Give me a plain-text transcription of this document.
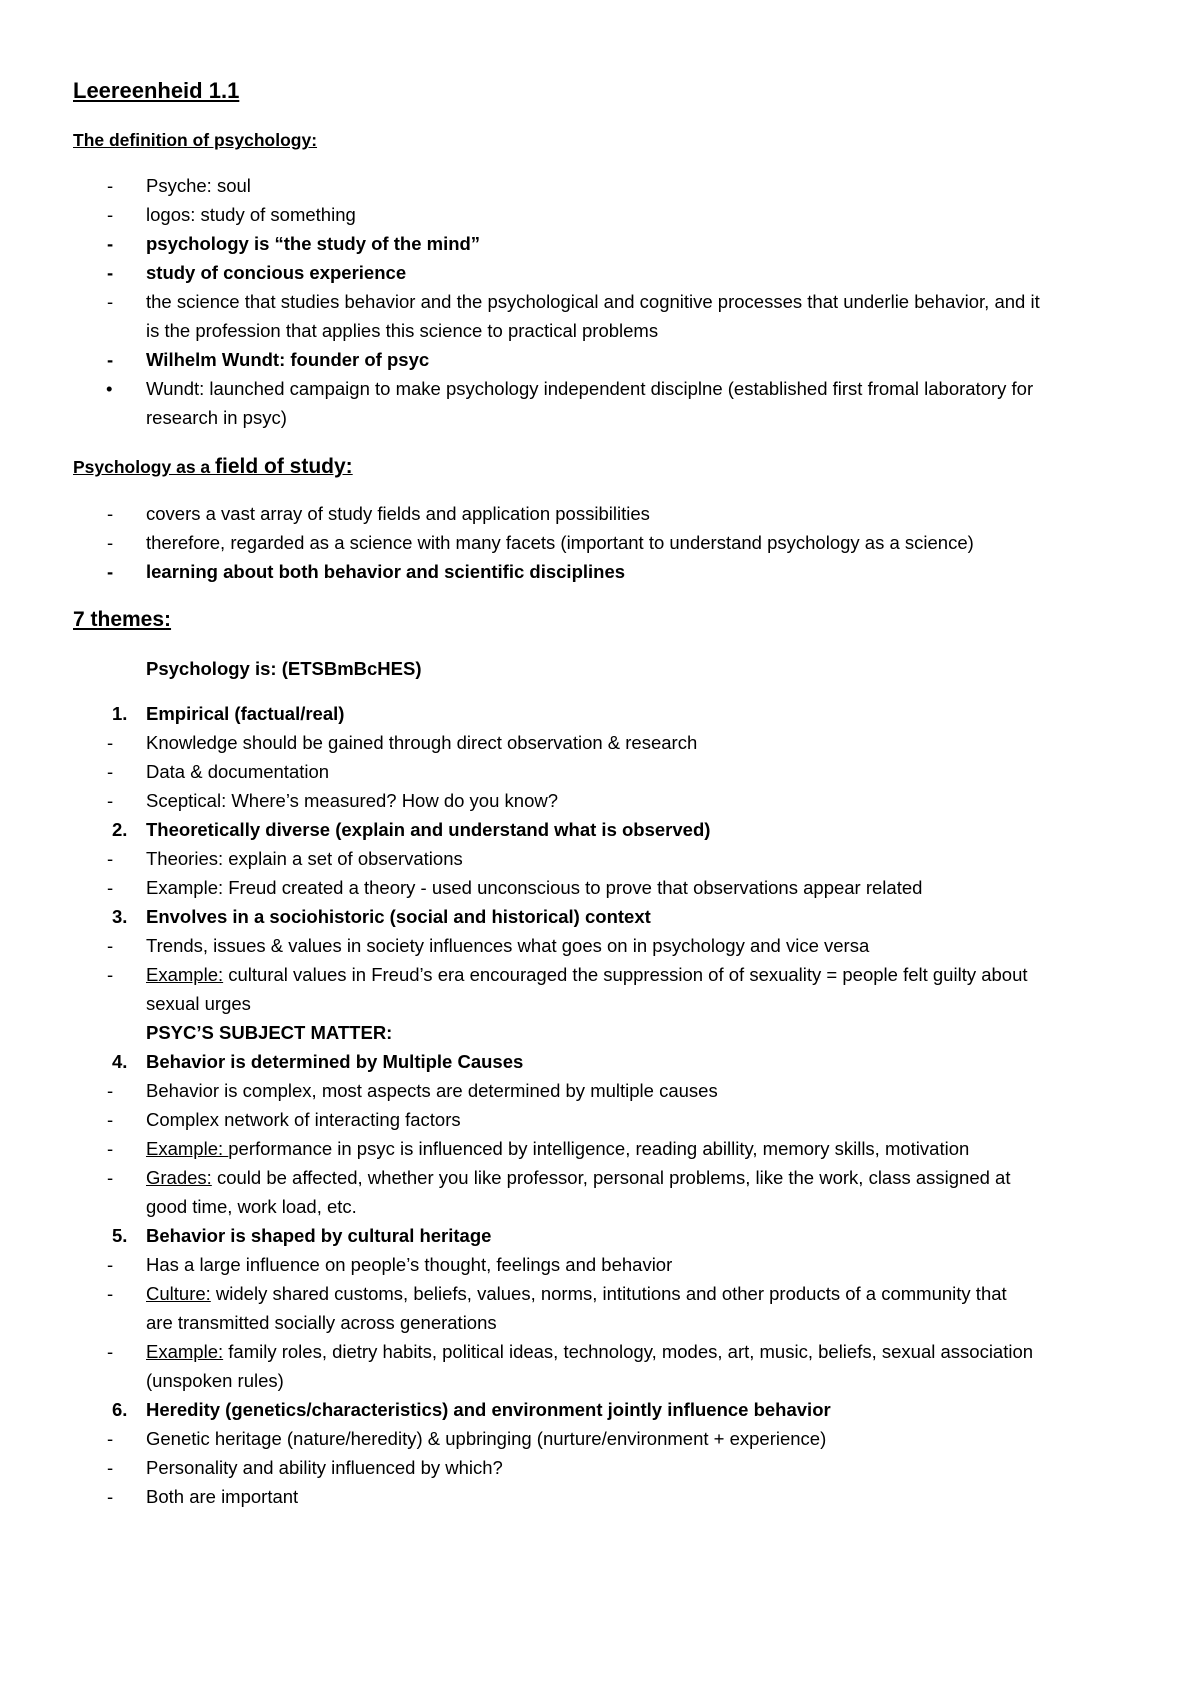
Leereenheid 1.1
The definition of psychology:
- Psyche: soul
- logos: study of something
- psychology is “the study of the mind”
- study of concious experience
- the science that studies behavior and the psychological and cognitive processes that underlie behavior, and it
is the profession that applies this science to practical problems
- Wilhelm Wundt: founder of psyc
• Wundt: launched campaign to make psychology independent disciplne (established first fromal laboratory for
research in psyc)
Psychology as a field of study:
- covers a vast array of study fields and application possibilities
- therefore, regarded as a science with many facets (important to understand psychology as a science)
- learning about both behavior and scientific disciplines
7 themes:
Psychology is: (ETSBmBcHES)
1. Empirical (factual/real)
- Knowledge should be gained through direct observation & research
- Data & documentation
- Sceptical: Where’s measured? How do you know?
2. Theoretically diverse (explain and understand what is observed)
- Theories: explain a set of observations
- Example: Freud created a theory - used unconscious to prove that observations appear related
3. Envolves in a sociohistoric (social and historical) context
- Trends, issues & values in society influences what goes on in psychology and vice versa
- Example: cultural values in Freud’s era encouraged the suppression of of sexuality = people felt guilty about
sexual urges
PSYC’S SUBJECT MATTER:
4. Behavior is determined by Multiple Causes
- Behavior is complex, most aspects are determined by multiple causes
- Complex network of interacting factors
- Example: performance in psyc is influenced by intelligence, reading abillity, memory skills, motivation
- Grades: could be affected, whether you like professor, personal problems, like the work, class assigned at
good time, work load, etc.
5. Behavior is shaped by cultural heritage
- Has a large influence on people’s thought, feelings and behavior
- Culture: widely shared customs, beliefs, values, norms, intitutions and other products of a community that
are transmitted socially across generations
- Example: family roles, dietry habits, political ideas, technology, modes, art, music, beliefs, sexual association
(unspoken rules)
6. Heredity (genetics/characteristics) and environment jointly influence behavior
- Genetic heritage (nature/heredity) & upbringing (nurture/environment + experience)
- Personality and ability influenced by which?
- Both are important
